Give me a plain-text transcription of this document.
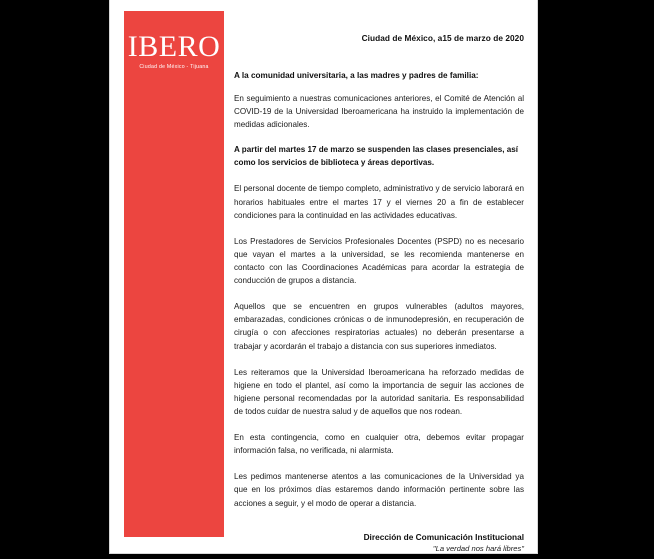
IBERO
Ciudad de México - Tijuana
Ciudad de México, a15 de marzo de 2020

A la comunidad universitaria, a las madres y padres de familia:

En seguimiento a nuestras comunicaciones anteriores, el Comité de Atención al COVID-19 de la Universidad Iberoamericana ha instruido la implementación de medidas adicionales.

A partir del martes 17 de marzo se suspenden las clases presenciales, así como los servicios de biblioteca y áreas deportivas.

El personal docente de tiempo completo, administrativo y de servicio laborará en horarios habituales entre el martes 17 y el viernes 20 a fin de establecer condiciones para la continuidad en las actividades educativas.

Los Prestadores de Servicios Profesionales Docentes (PSPD) no es necesario que vayan el martes a la universidad, se les recomienda mantenerse en contacto con las Coordinaciones Académicas para acordar la estrategia de conducción de grupos a distancia.

Aquellos que se encuentren en grupos vulnerables (adultos mayores, embarazadas, condiciones crónicas o de inmunodepresión, en recuperación de cirugía o con afecciones respiratorias actuales) no deberán presentarse a trabajar y acordarán el trabajo a distancia con sus superiores inmediatos.

Les reiteramos que la Universidad Iberoamericana ha reforzado medidas de higiene en todo el plantel, así como la importancia de seguir las acciones de higiene personal recomendadas por la autoridad sanitaria. Es responsabilidad de todos cuidar de nuestra salud y de aquellos que nos rodean.

En esta contingencia, como en cualquier otra, debemos evitar propagar información falsa, no verificada, ni alarmista.

Les pedimos mantenerse atentos a las comunicaciones de la Universidad ya que en los próximos días estaremos dando información pertinente sobre las acciones a seguir, y el modo de operar a distancia.

Dirección de Comunicación Institucional
"La verdad nos hará libres"
